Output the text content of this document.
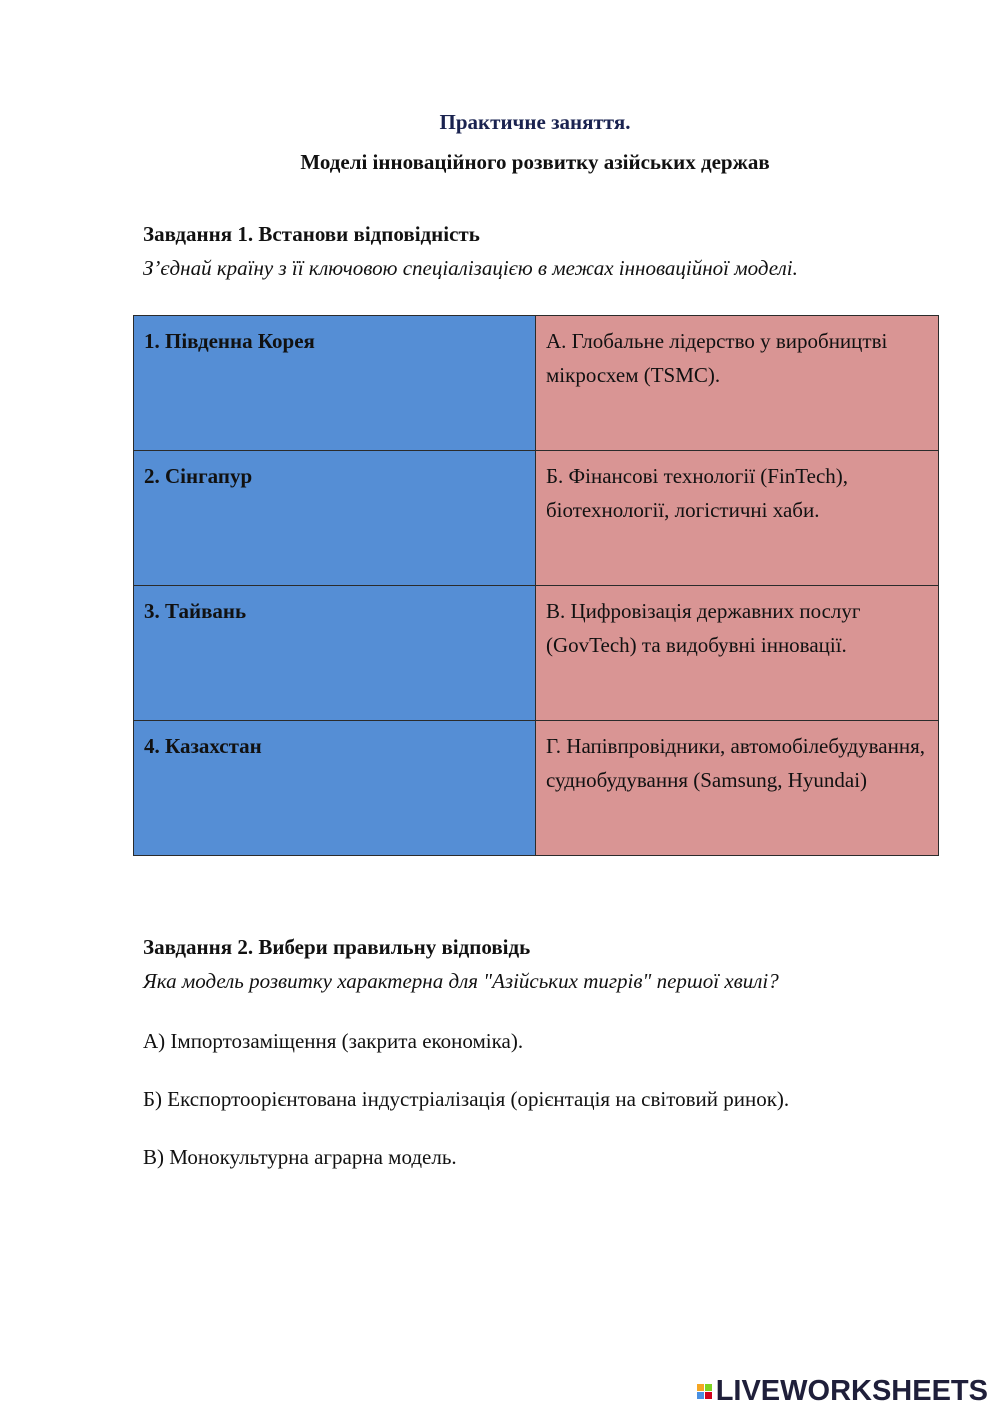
Практичне заняття.
Моделі інноваційного розвитку азійських держав
Завдання 1. Встанови відповідність
З’єднай країну з її ключовою спеціалізацією в межах інноваційної моделі.
1. Південна Корея	А. Глобальне лідерство у виробництві мікросхем (TSMC).
2. Сінгапур	Б. Фінансові технології (FinTech), біотехнології, логістичні хаби.
3. Тайвань	В. Цифровізація державних послуг (GovTech) та видобувні інновації.
4. Казахстан	Г. Напівпровідники, автомобілебудування, суднобудування (Samsung, Hyundai)
Завдання 2. Вибери правильну відповідь
Яка модель розвитку характерна для "Азійських тигрів" першої хвилі?
А) Імпортозаміщення (закрита економіка).
Б) Експортоорієнтована індустріалізація (орієнтація на світовий ринок).
В) Монокультурна аграрна модель.
LIVEWORKSHEETS
